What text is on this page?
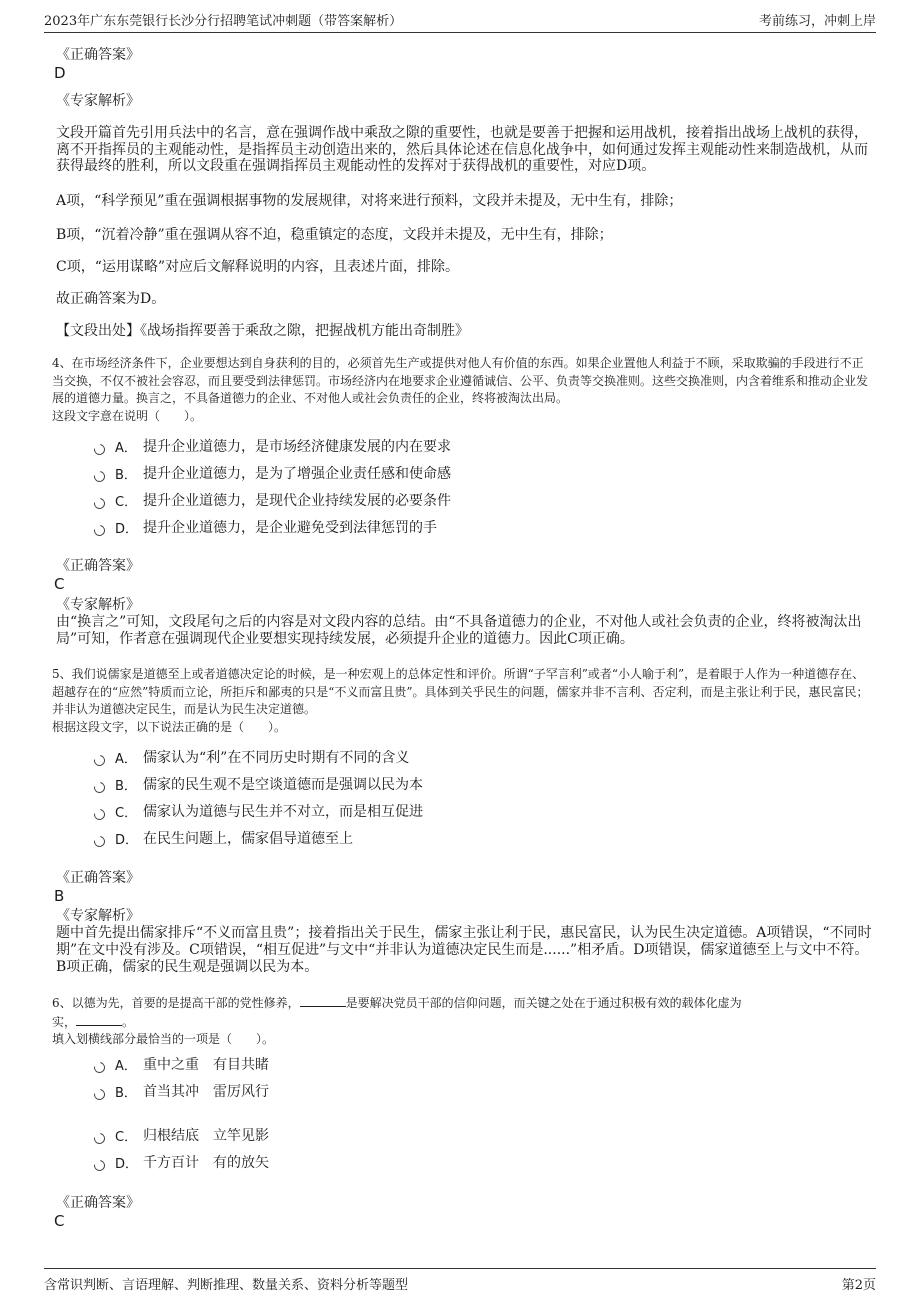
2023年广东东莞银行长沙分行招聘笔试冲刺题（带答案解析）	考前练习，冲刺上岸
《正确答案》
D
《专家解析》
文段开篇首先引用兵法中的名言，意在强调作战中乘敌之隙的重要性，也就是要善于把握和运用战机，接着指出战场上战机的获得，离不开指挥员的主观能动性，是指挥员主动创造出来的，然后具体论述在信息化战争中，如何通过发挥主观能动性来制造战机，从而获得最终的胜利，所以文段重在强调指挥员主观能动性的发挥对于获得战机的重要性，对应D项。
A项，“科学预见”重在强调根据事物的发展规律，对将来进行预料，文段并未提及，无中生有，排除；
B项，“沉着冷静”重在强调从容不迫，稳重镇定的态度，文段并未提及，无中生有，排除；
C项，“运用谋略”对应后文解释说明的内容，且表述片面，排除。
故正确答案为D。
【文段出处】《战场指挥要善于乘敌之隙，把握战机方能出奇制胜》
4、在市场经济条件下，企业要想达到自身获利的目的，必须首先生产或提供对他人有价值的东西。如果企业置他人利益于不顾，采取欺骗的手段进行不正当交换，不仅不被社会容忍，而且要受到法律惩罚。市场经济内在地要求企业遵循诚信、公平、负责等交换准则。这些交换准则，内含着维系和推动企业发展的道德力量。换言之，不具备道德力的企业、不对他人或社会负责任的企业，终将被淘汰出局。
这段文字意在说明（　　）。
A． 提升企业道德力，是市场经济健康发展的内在要求
B． 提升企业道德力，是为了增强企业责任感和使命感
C． 提升企业道德力，是现代企业持续发展的必要条件
D． 提升企业道德力，是企业避免受到法律惩罚的手
《正确答案》
C
《专家解析》
由“换言之”可知，文段尾句之后的内容是对文段内容的总结。由“不具备道德力的企业，不对他人或社会负责的企业，终将被淘汰出局”可知，作者意在强调现代企业要想实现持续发展，必须提升企业的道德力。因此C项正确。
5、我们说儒家是道德至上或者道德决定论的时候，是一种宏观上的总体定性和评价。所谓“子罕言利”或者“小人喻于利”，是着眼于人作为一种道德存在、超越存在的“应然”特质而立论，所拒斥和鄙夷的只是“不义而富且贵”。具体到关乎民生的问题，儒家并非不言利、否定利，而是主张让利于民，惠民富民；并非认为道德决定民生，而是认为民生决定道德。
根据这段文字，以下说法正确的是（　　）。
A． 儒家认为“利”在不同历史时期有不同的含义
B． 儒家的民生观不是空谈道德而是强调以民为本
C． 儒家认为道德与民生并不对立，而是相互促进
D． 在民生问题上，儒家倡导道德至上
《正确答案》
B
《专家解析》
题中首先提出儒家排斥“不义而富且贵”；接着指出关于民生，儒家主张让利于民，惠民富民，认为民生决定道德。A项错误，“不同时期”在文中没有涉及。C项错误，“相互促进”与文中“并非认为道德决定民生而是......”相矛盾。D项错误，儒家道德至上与文中不符。B项正确，儒家的民生观是强调以民为本。
6、以德为先，首要的是提高干部的党性修养，	是要解决党员干部的信仰问题，而关键之处在于通过积极有效的载体化虚为
实，	。
填入划横线部分最恰当的一项是（　　）。
A． 重中之重　有目共睹
B． 首当其冲　雷厉风行
C． 归根结底　立竿见影
D． 千方百计　有的放矢
《正确答案》
C
含常识判断、言语理解、判断推理、数量关系、资料分析等题型	第2页
